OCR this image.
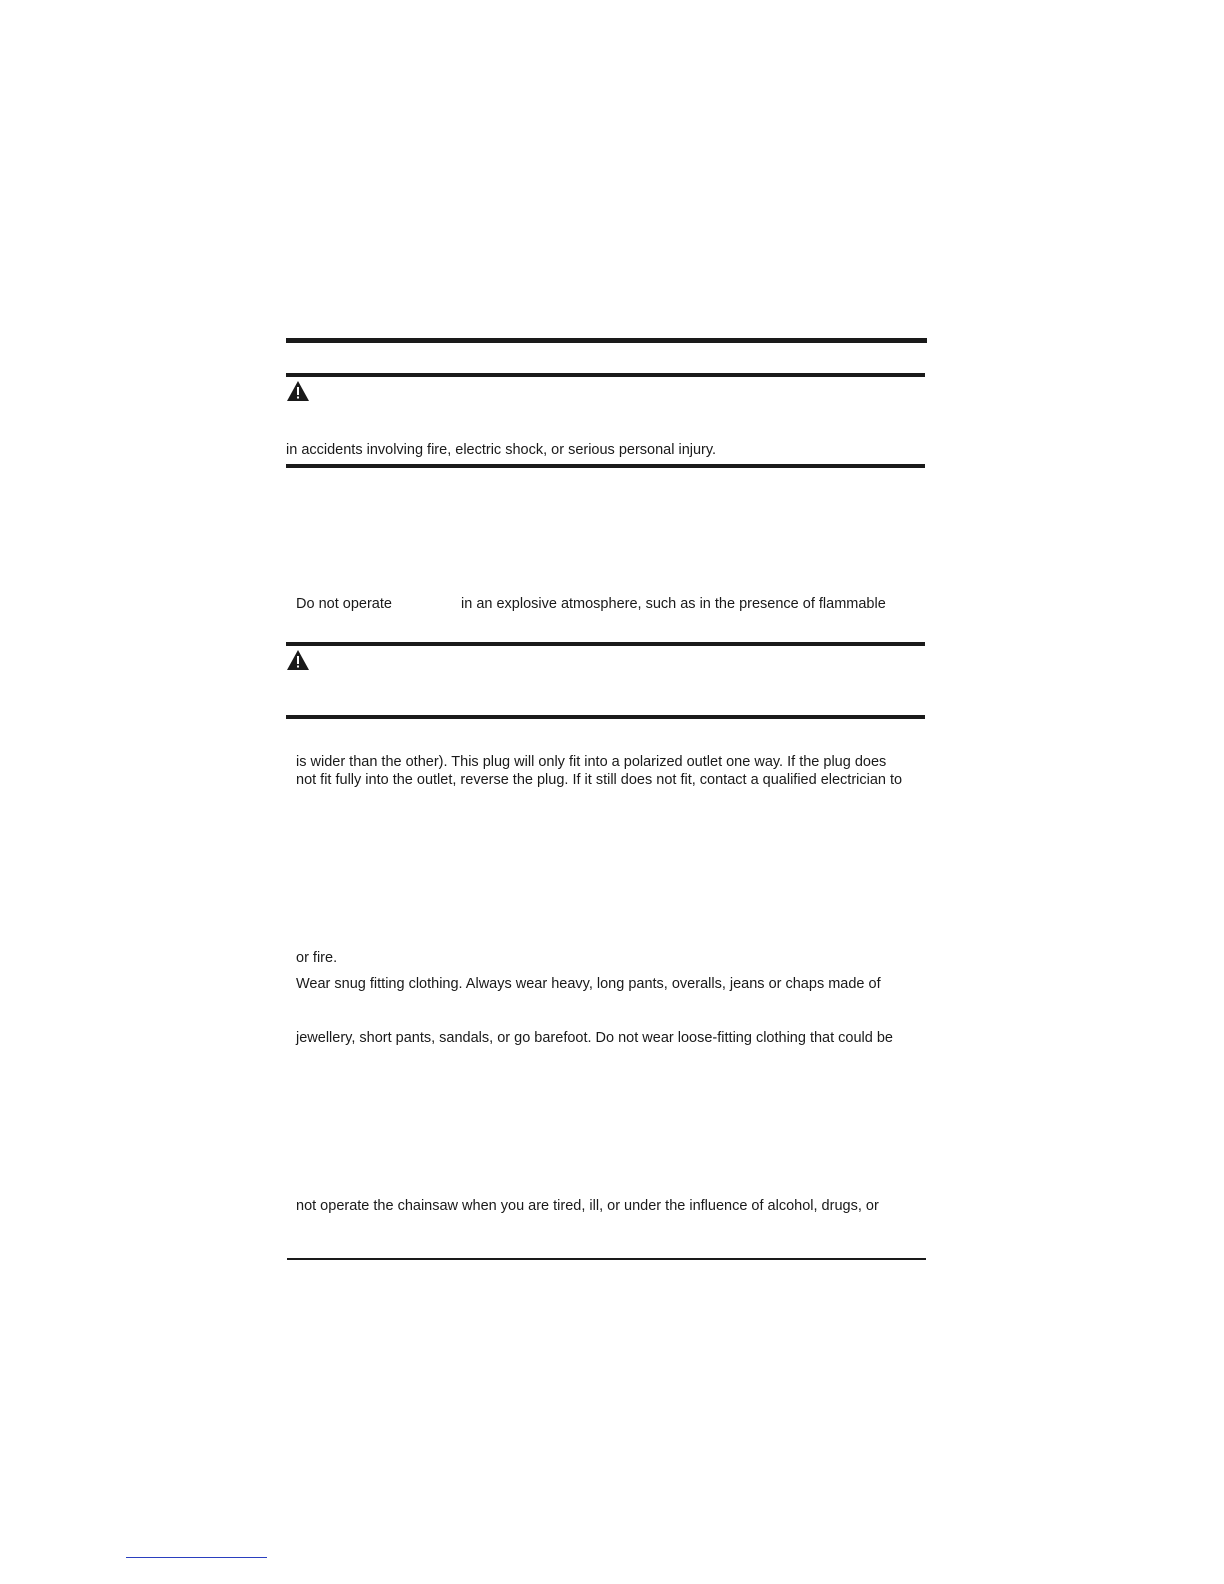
in accidents involving fire, electric shock, or serious personal injury.
Do not operate	in an explosive atmosphere, such as in the presence of flammable
is wider than the other). This plug will only fit into a polarized outlet one way. If the plug does
not fit fully into the outlet, reverse the plug. If it still does not fit, contact a qualified electrician to
or fire.
Wear snug fitting clothing. Always wear heavy, long pants, overalls, jeans or chaps made of
jewellery, short pants, sandals, or go barefoot. Do not wear loose-fitting clothing that could be
not operate the chainsaw when you are tired, ill, or under the influence of alcohol, drugs, or
